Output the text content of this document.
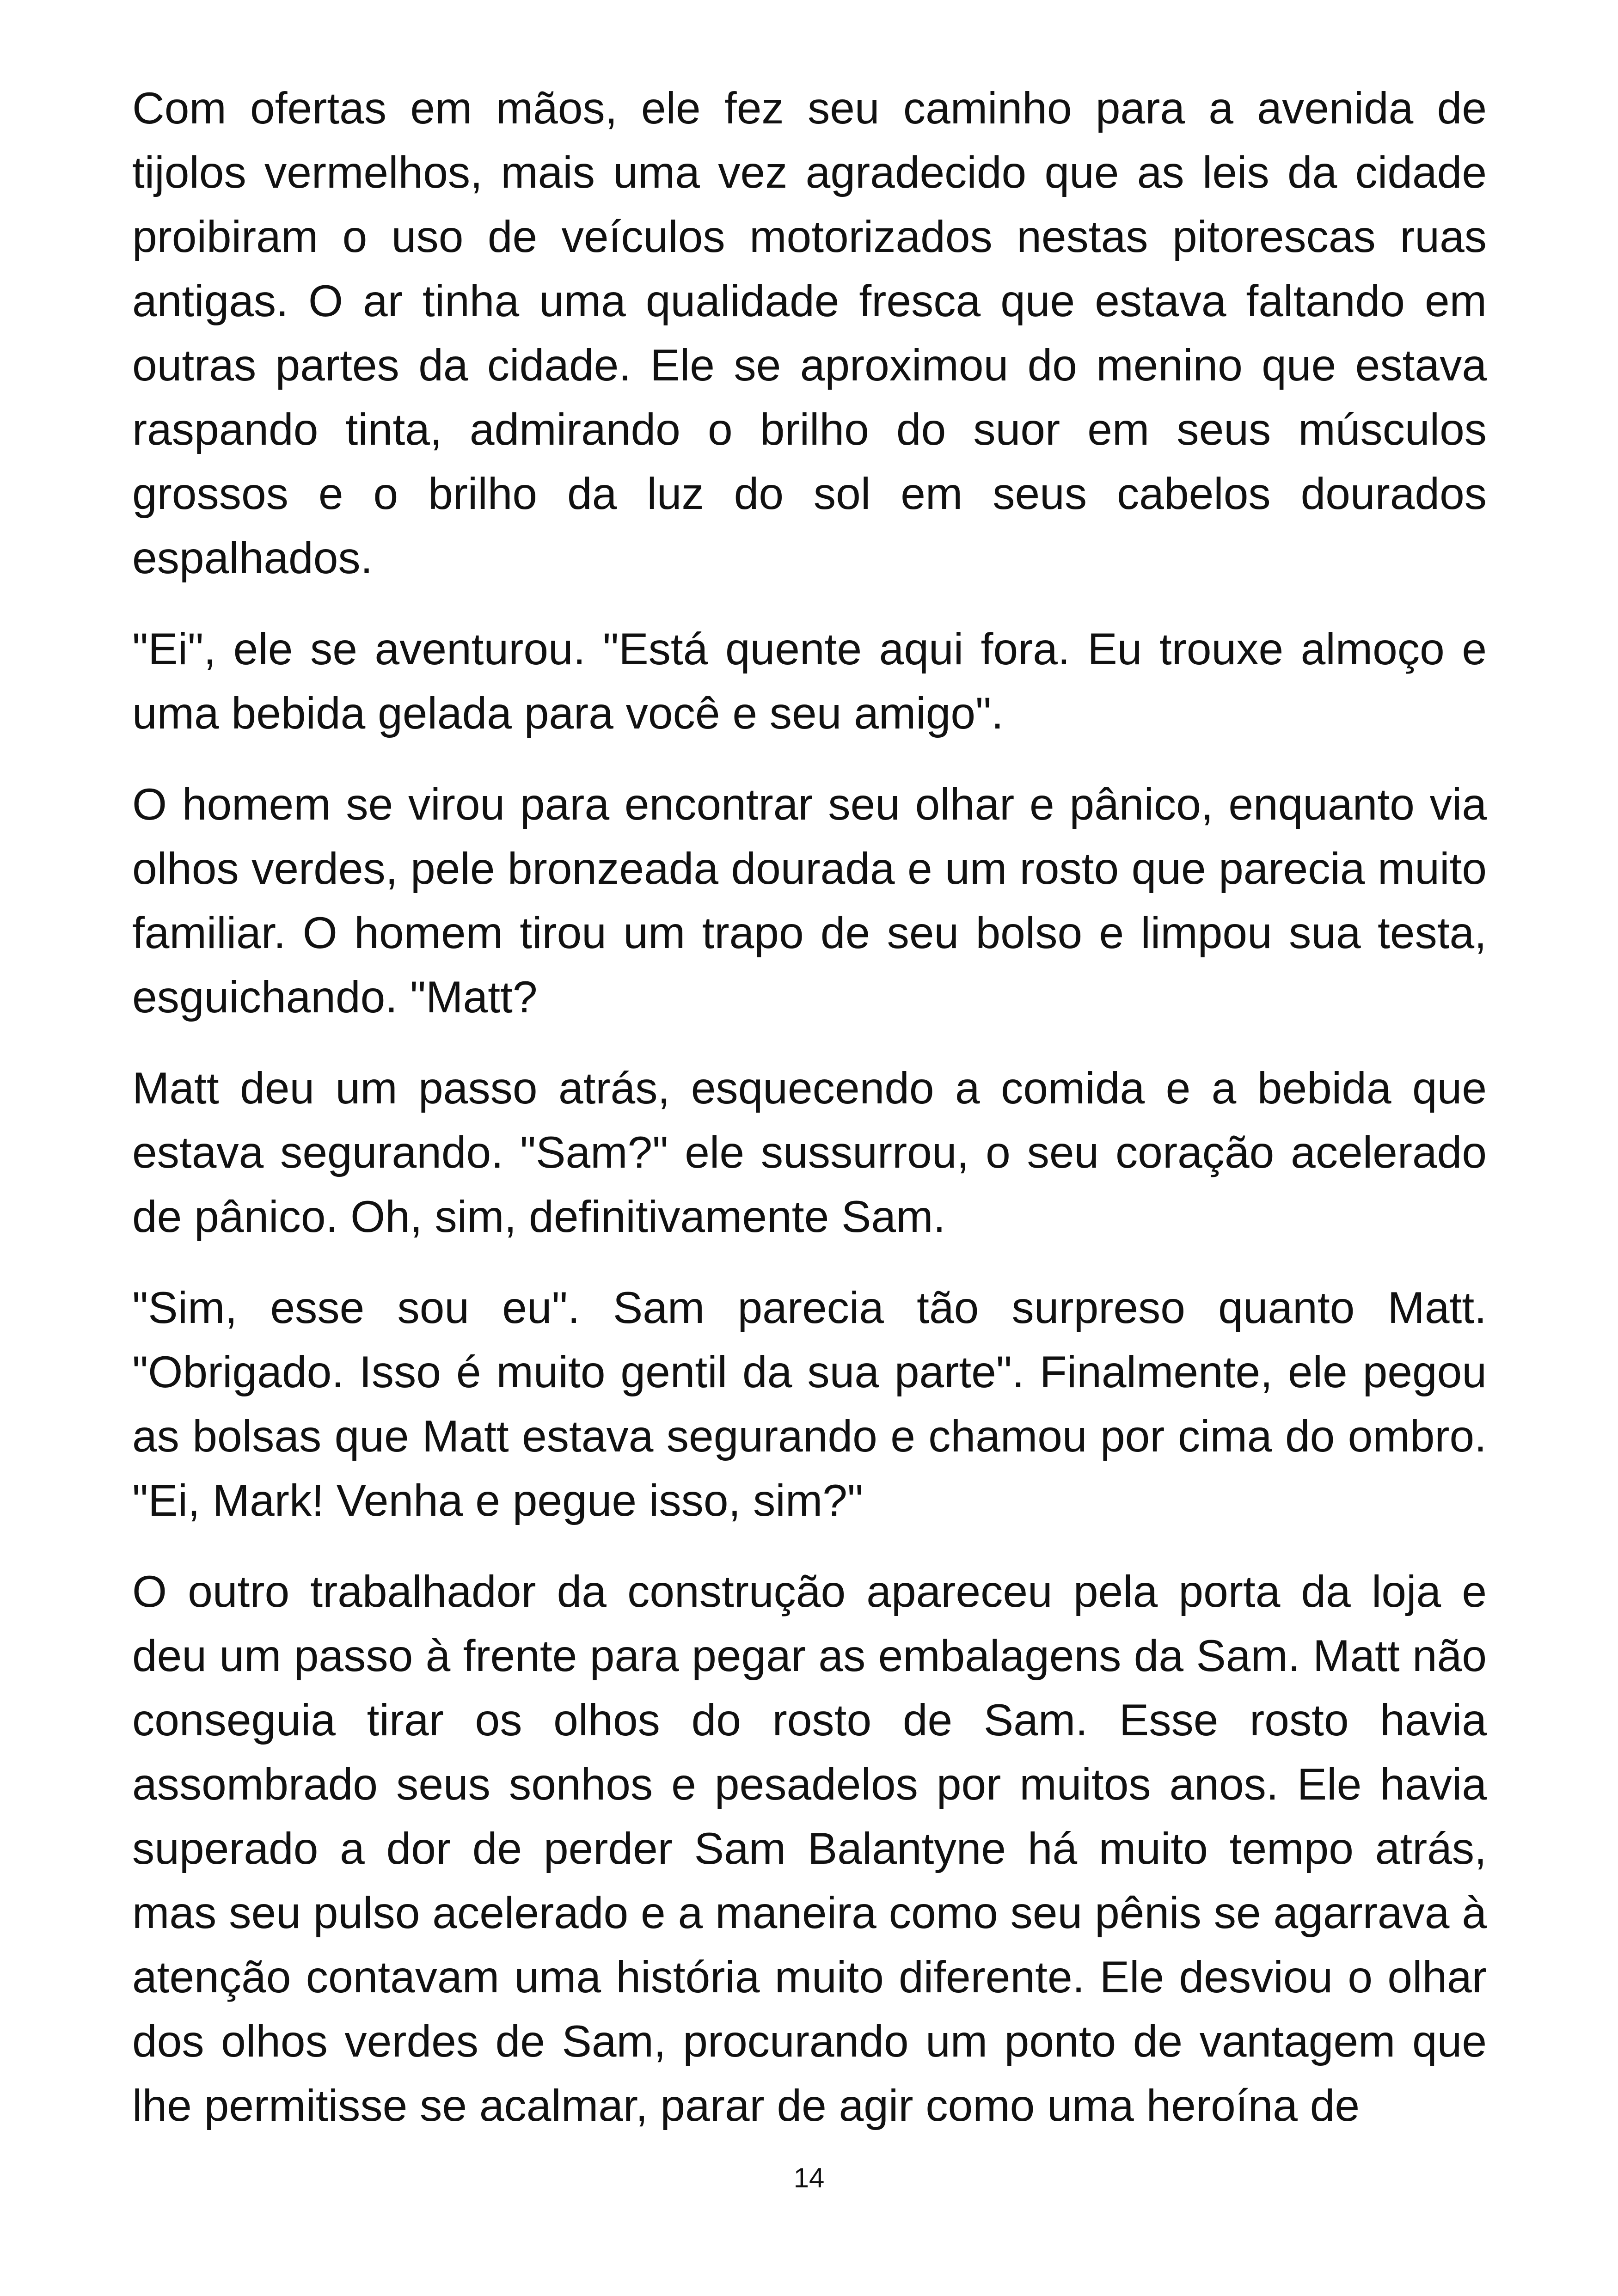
Com ofertas em mãos, ele fez seu caminho para a avenida de tijolos vermelhos, mais uma vez agradecido que as leis da cidade proibiram o uso de veículos motorizados nestas pitorescas ruas antigas. O ar tinha uma qualidade fresca que estava faltando em outras partes da cidade. Ele se aproximou do menino que estava raspando tinta, admirando o brilho do suor em seus músculos grossos e o brilho da luz do sol em seus cabelos dourados espalhados.

"Ei", ele se aventurou. "Está quente aqui fora. Eu trouxe almoço e uma bebida gelada para você e seu amigo".

O homem se virou para encontrar seu olhar e pânico, enquanto via olhos verdes, pele bronzeada dourada e um rosto que parecia muito familiar. O homem tirou um trapo de seu bolso e limpou sua testa, esguichando. "Matt?

Matt deu um passo atrás, esquecendo a comida e a bebida que estava segurando. "Sam?" ele sussurrou, o seu coração acelerado de pânico. Oh, sim, definitivamente Sam.

"Sim, esse sou eu". Sam parecia tão surpreso quanto Matt. "Obrigado. Isso é muito gentil da sua parte". Finalmente, ele pegou as bolsas que Matt estava segurando e chamou por cima do ombro. "Ei, Mark! Venha e pegue isso, sim?"

O outro trabalhador da construção apareceu pela porta da loja e deu um passo à frente para pegar as embalagens da Sam. Matt não conseguia tirar os olhos do rosto de Sam. Esse rosto havia assombrado seus sonhos e pesadelos por muitos anos. Ele havia superado a dor de perder Sam Balantyne há muito tempo atrás, mas seu pulso acelerado e a maneira como seu pênis se agarrava à atenção contavam uma história muito diferente. Ele desviou o olhar dos olhos verdes de Sam, procurando um ponto de vantagem que lhe permitisse se acalmar, parar de agir como uma heroína de

14
